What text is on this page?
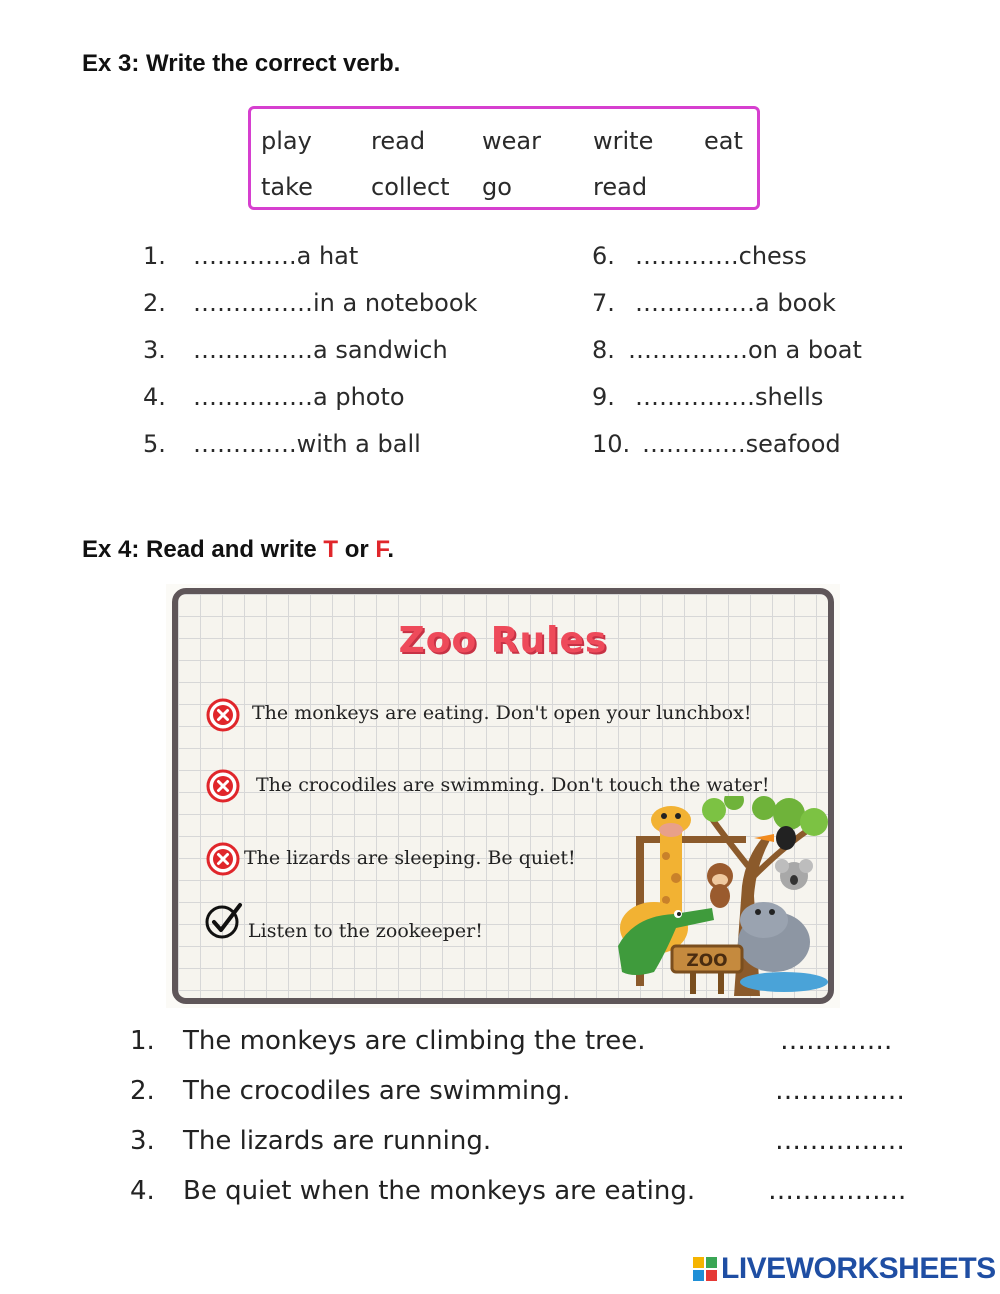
Ex 3: Write the correct verb.
play read wear write eat
take collect go	read
1. ………….a hat
2. ……………in a notebook
3. ……………a sandwich
4. ……………a photo
5. ………….with a ball
6. ………….chess
7. ……………a book
8. ……………on a boat
9. ……………shells
10. ………….seafood
Ex 4: Read and write T or F.
Zoo Rules
The monkeys are eating. Don't open your lunchbox!
The crocodiles are swimming. Don't touch the water!
The lizards are sleeping. Be quiet!
Listen to the zookeeper!
ZOO
1. The monkeys are climbing the tree.	………….
2. The crocodiles are swimming.	……………
3. The lizards are running.	……………
4. Be quiet when the monkeys are eating.	…………….
LIVEWORKSHEETS
